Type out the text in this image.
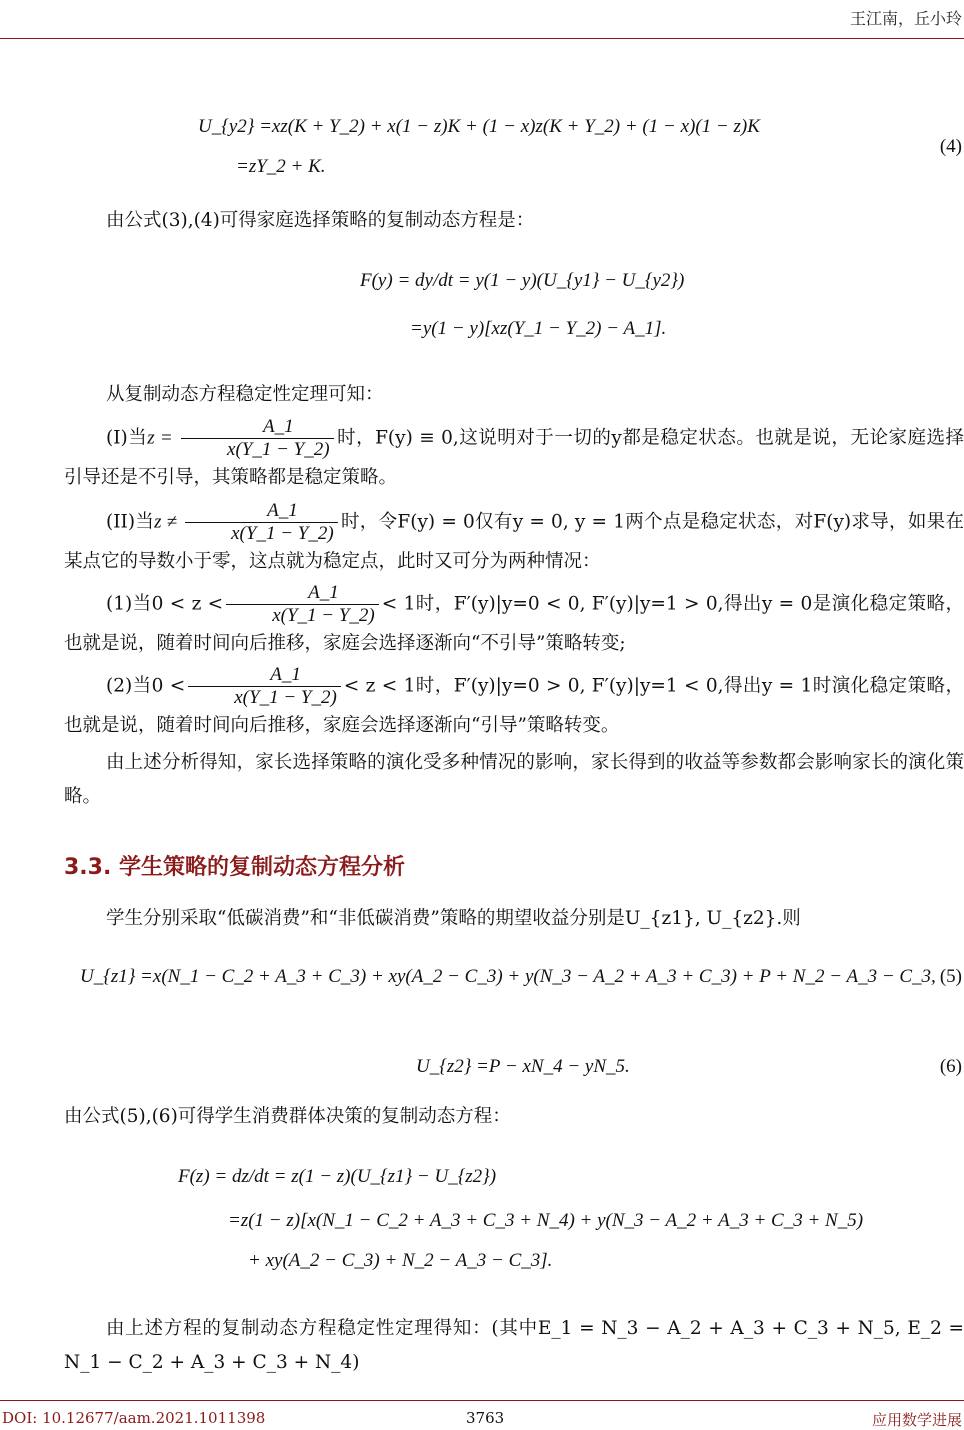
王江南，丘小玲
U_{y2} =xz(K + Y_2) + x(1 − z)K + (1 − x)z(K + Y_2) + (1 − x)(1 − z)K
=zY_2 + K.
(4)
由公式(3),(4)可得家庭选择策略的复制动态方程是：
F(y) = dy/dt = y(1 − y)(U_{y1} − U_{y2})
=y(1 − y)[xz(Y_1 − Y_2) − A_1].
从复制动态方程稳定性定理可知：
(I)当$z = \frac{A\_1}{x(Y\_1 - Y\_2)}$ 时，F(y) ≡ 0,这说明对于一切的y都是稳定状态。也就是说，无论家庭选择引导还是不引导，其策略都是稳定策略。
(II)当$z \ne \frac{A\_1}{x(Y\_1 - Y\_2)}$ 时，令F(y) = 0仅有y = 0, y = 1两个点是稳定状态，对F(y)求导，如果在某点它的导数小于零，这点就为稳定点，此时又可分为两种情况：
(1)当$0 < z < \frac{A\_1}{x(Y\_1 - Y\_2)} < 1$时，F′(y)|y=0 < 0, F′(y)|y=1 > 0,得出y = 0是演化稳定策略，也就是说，随着时间向后推移，家庭会选择逐渐向“不引导”策略转变;
(2)当$0 < \frac{A\_1}{x(Y\_1 - Y\_2)} < z < 1$时，F′(y)|y=0 > 0, F′(y)|y=1 < 0,得出y = 1时演化稳定策略，也就是说，随着时间向后推移，家庭会选择逐渐向“引导”策略转变。
由上述分析得知，家长选择策略的演化受多种情况的影响，家长得到的收益等参数都会影响家长的演化策略。
3.3. 学生策略的复制动态方程分析
学生分别采取“低碳消费”和“非低碳消费”策略的期望收益分别是U_{z1}, U_{z2}.则
U_{z1} =x(N_1 − C_2 + A_3 + C_3) + xy(A_2 − C_3) + y(N_3 − A_2 + A_3 + C_3) + P + N_2 − A_3 − C_3, (5)
U_{z2} =P − xN_4 − yN_5.	(6)
由公式(5),(6)可得学生消费群体决策的复制动态方程：
F(z) = dz/dt = z(1 − z)(U_{z1} − U_{z2})
=z(1 − z)[x(N_1 − C_2 + A_3 + C_3 + N_4) + y(N_3 − A_2 + A_3 + C_3 + N_5)
+ xy(A_2 − C_3) + N_2 − A_3 − C_3].
由上述方程的复制动态方程稳定性定理得知：(其中E_1 = N_3 − A_2 + A_3 + C_3 + N_5, E_2 = N_1 − C_2 + A_3 + C_3 + N_4)
DOI: 10.12677/aam.2021.1011398	3763	应用数学进展
